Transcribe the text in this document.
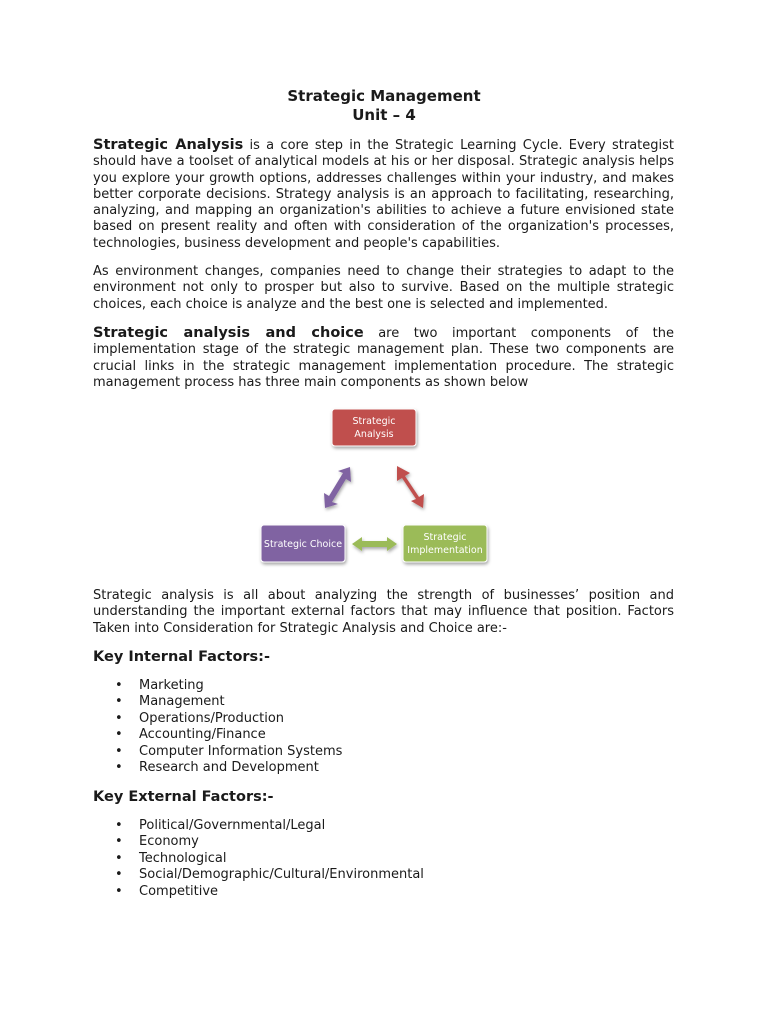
Strategic Management
Unit – 4
Strategic Analysis is a core step in the Strategic Learning Cycle. Every strategist should have a toolset of analytical models at his or her disposal. Strategic analysis helps you explore your growth options, addresses challenges within your industry, and makes better corporate decisions. Strategy analysis is an approach to facilitating, researching, analyzing, and mapping an organization's abilities to achieve a future envisioned state based on present reality and often with consideration of the organization's processes, technologies, business development and people's capabilities.
As environment changes, companies need to change their strategies to adapt to the environment not only to prosper but also to survive. Based on the multiple strategic choices, each choice is analyze and the best one is selected and implemented.
Strategic analysis and choice are two important components of the implementation stage of the strategic management plan. These two components are crucial links in the strategic management implementation procedure. The strategic management process has three main components as shown below
Strategic
Analysis
Strategic Choice
Strategic
Implementation
Strategic analysis is all about analyzing the strength of businesses’ position and understanding the important external factors that may influence that position. Factors Taken into Consideration for Strategic Analysis and Choice are:-
Key Internal Factors:-
• Marketing
• Management
• Operations/Production
• Accounting/Finance
• Computer Information Systems
• Research and Development
Key External Factors:-
• Political/Governmental/Legal
• Economy
• Technological
• Social/Demographic/Cultural/Environmental
• Competitive
